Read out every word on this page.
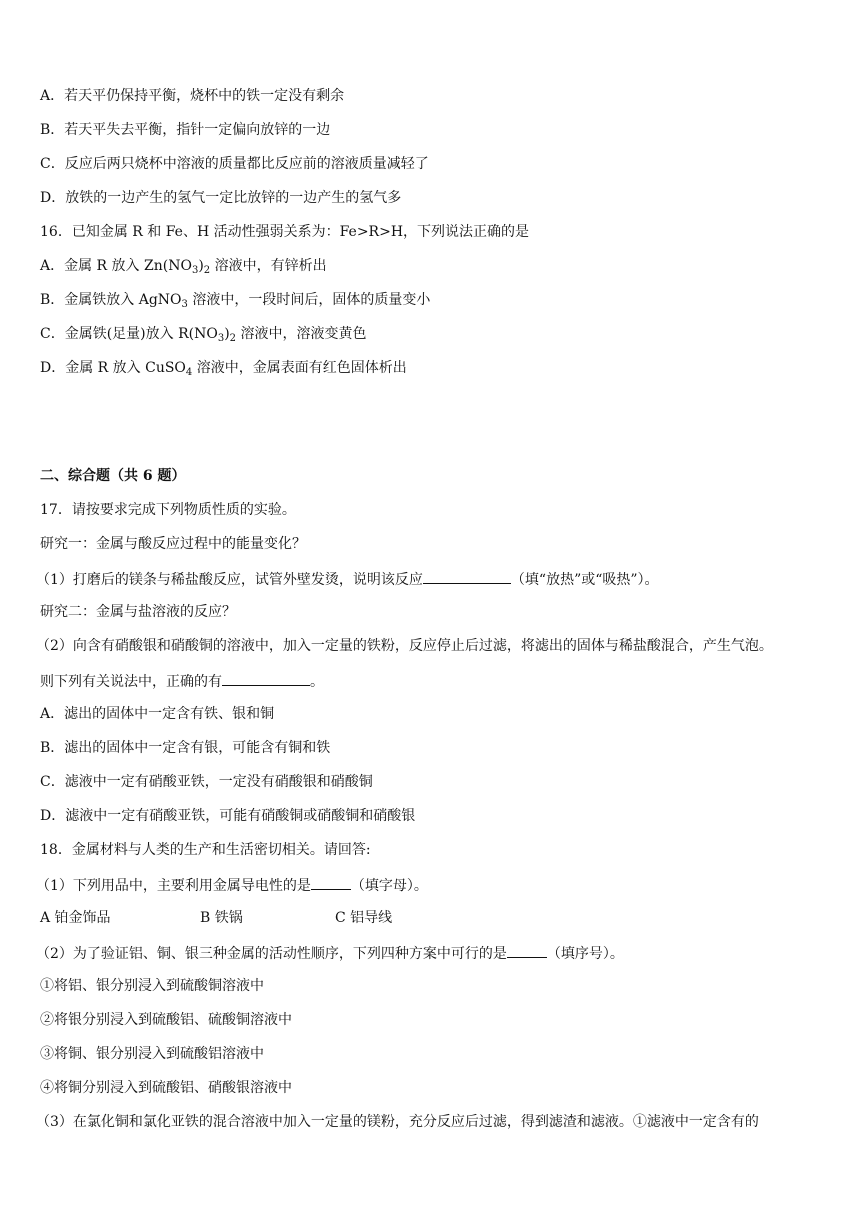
A．若天平仍保持平衡，烧杯中的铁一定没有剩余
B．若天平失去平衡，指针一定偏向放锌的一边
C．反应后两只烧杯中溶液的质量都比反应前的溶液质量减轻了
D．放铁的一边产生的氢气一定比放锌的一边产生的氢气多
16．已知金属 R 和 Fe、H 活动性强弱关系为：Fe>R>H，下列说法正确的是
A．金属 R 放入 $Zn(NO_3)_2$ 溶液中，有锌析出
B．金属铁放入 AgNO$_3$ 溶液中，一段时间后，固体的质量变小
C．金属铁(足量)放入 $R(NO_3)_2$ 溶液中，溶液变黄色
D．金属 R 放入 CuSO$_4$ 溶液中，金属表面有红色固体析出
二、综合题（共 6 题）
17．请按要求完成下列物质性质的实验。
研究一：金属与酸反应过程中的能量变化？
（1）打磨后的镁条与稀盐酸反应，试管外壁发烫，说明该反应	（填“放热”或“吸热”）。
研究二：金属与盐溶液的反应？
（2）向含有硝酸银和硝酸铜的溶液中，加入一定量的铁粉，反应停止后过滤，将滤出的固体与稀盐酸混合，产生气泡。
则下列有关说法中，正确的有	。
A．滤出的固体中一定含有铁、银和铜
B．滤出的固体中一定含有银，可能含有铜和铁
C．滤液中一定有硝酸亚铁，一定没有硝酸银和硝酸铜
D．滤液中一定有硝酸亚铁，可能有硝酸铜或硝酸铜和硝酸银
18．金属材料与人类的生产和生活密切相关。请回答:
（1）下列用品中，主要利用金属导电性的是	（填字母）。
A 铂金饰品	B 铁锅	C 铝导线
（2）为了验证铝、铜、银三种金属的活动性顺序，下列四种方案中可行的是	（填序号）。
①将铝、银分别浸入到硫酸铜溶液中
②将银分别浸入到硫酸铝、硫酸铜溶液中
③将铜、银分别浸入到硫酸铝溶液中
④将铜分别浸入到硫酸铝、硝酸银溶液中
（3）在氯化铜和氯化亚铁的混合溶液中加入一定量的镁粉，充分反应后过滤，得到滤渣和滤液。①滤液中一定含有的
